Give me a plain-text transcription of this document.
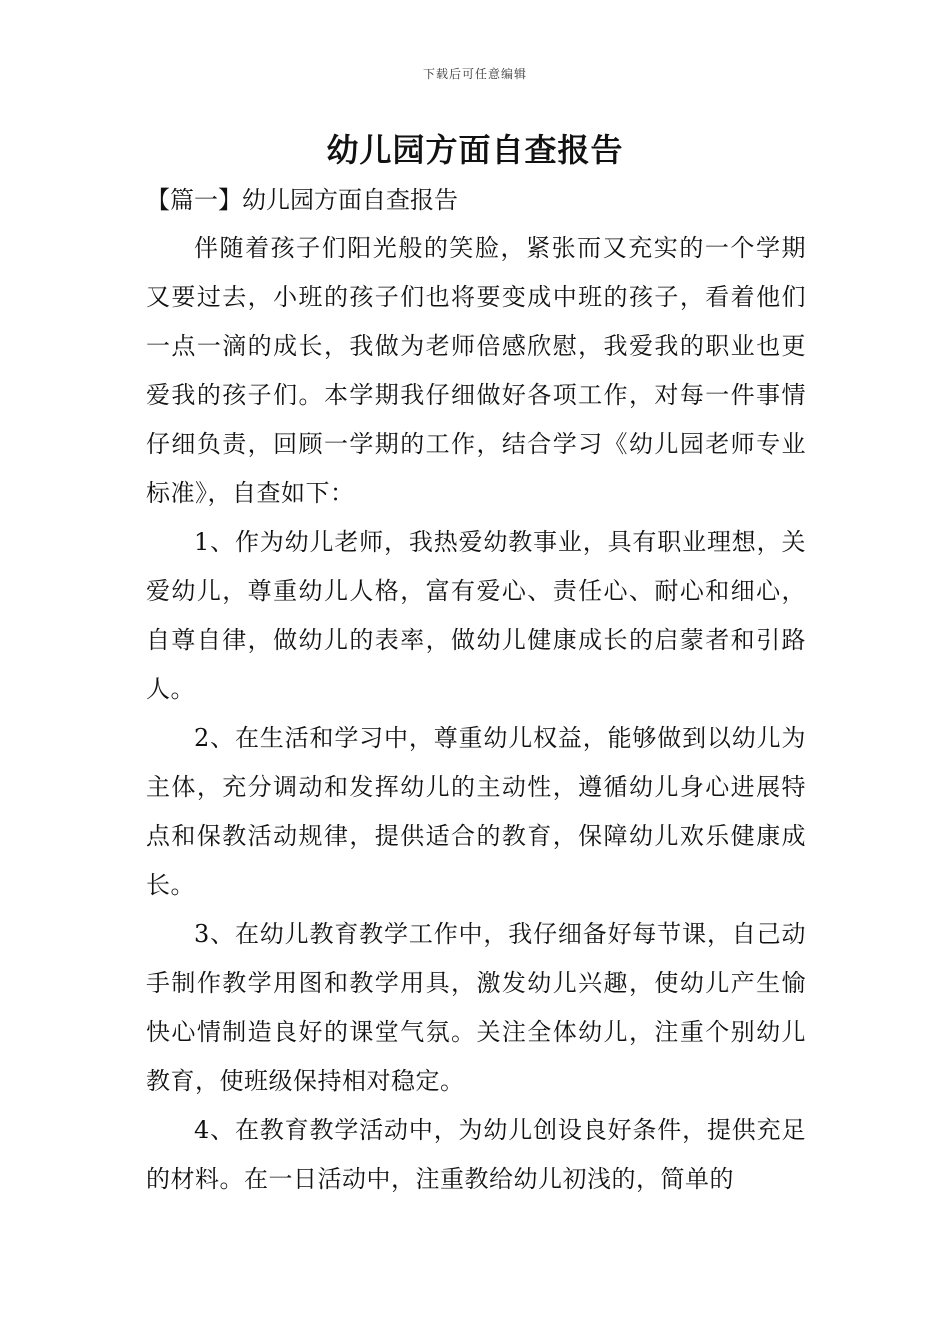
下载后可任意编辑
幼儿园方面自查报告
【篇一】幼儿园方面自查报告

伴随着孩子们阳光般的笑脸，紧张而又充实的一个学期又要过去，小班的孩子们也将要变成中班的孩子，看着他们一点一滴的成长，我做为老师倍感欣慰，我爱我的职业也更爱我的孩子们。本学期我仔细做好各项工作，对每一件事情仔细负责，回顾一学期的工作，结合学习《幼儿园老师专业标准》，自查如下：

1、作为幼儿老师，我热爱幼教事业，具有职业理想，关爱幼儿，尊重幼儿人格，富有爱心、责任心、耐心和细心，自尊自律，做幼儿的表率，做幼儿健康成长的启蒙者和引路人。

2、在生活和学习中，尊重幼儿权益，能够做到以幼儿为主体，充分调动和发挥幼儿的主动性，遵循幼儿身心进展特点和保教活动规律，提供适合的教育，保障幼儿欢乐健康成长。

3、在幼儿教育教学工作中，我仔细备好每节课，自己动手制作教学用图和教学用具，激发幼儿兴趣，使幼儿产生愉快心情制造良好的课堂气氛。关注全体幼儿，注重个别幼儿教育，使班级保持相对稳定。

4、在教育教学活动中，为幼儿创设良好条件，提供充足的材料。在一日活动中，注重教给幼儿初浅的，简单的
